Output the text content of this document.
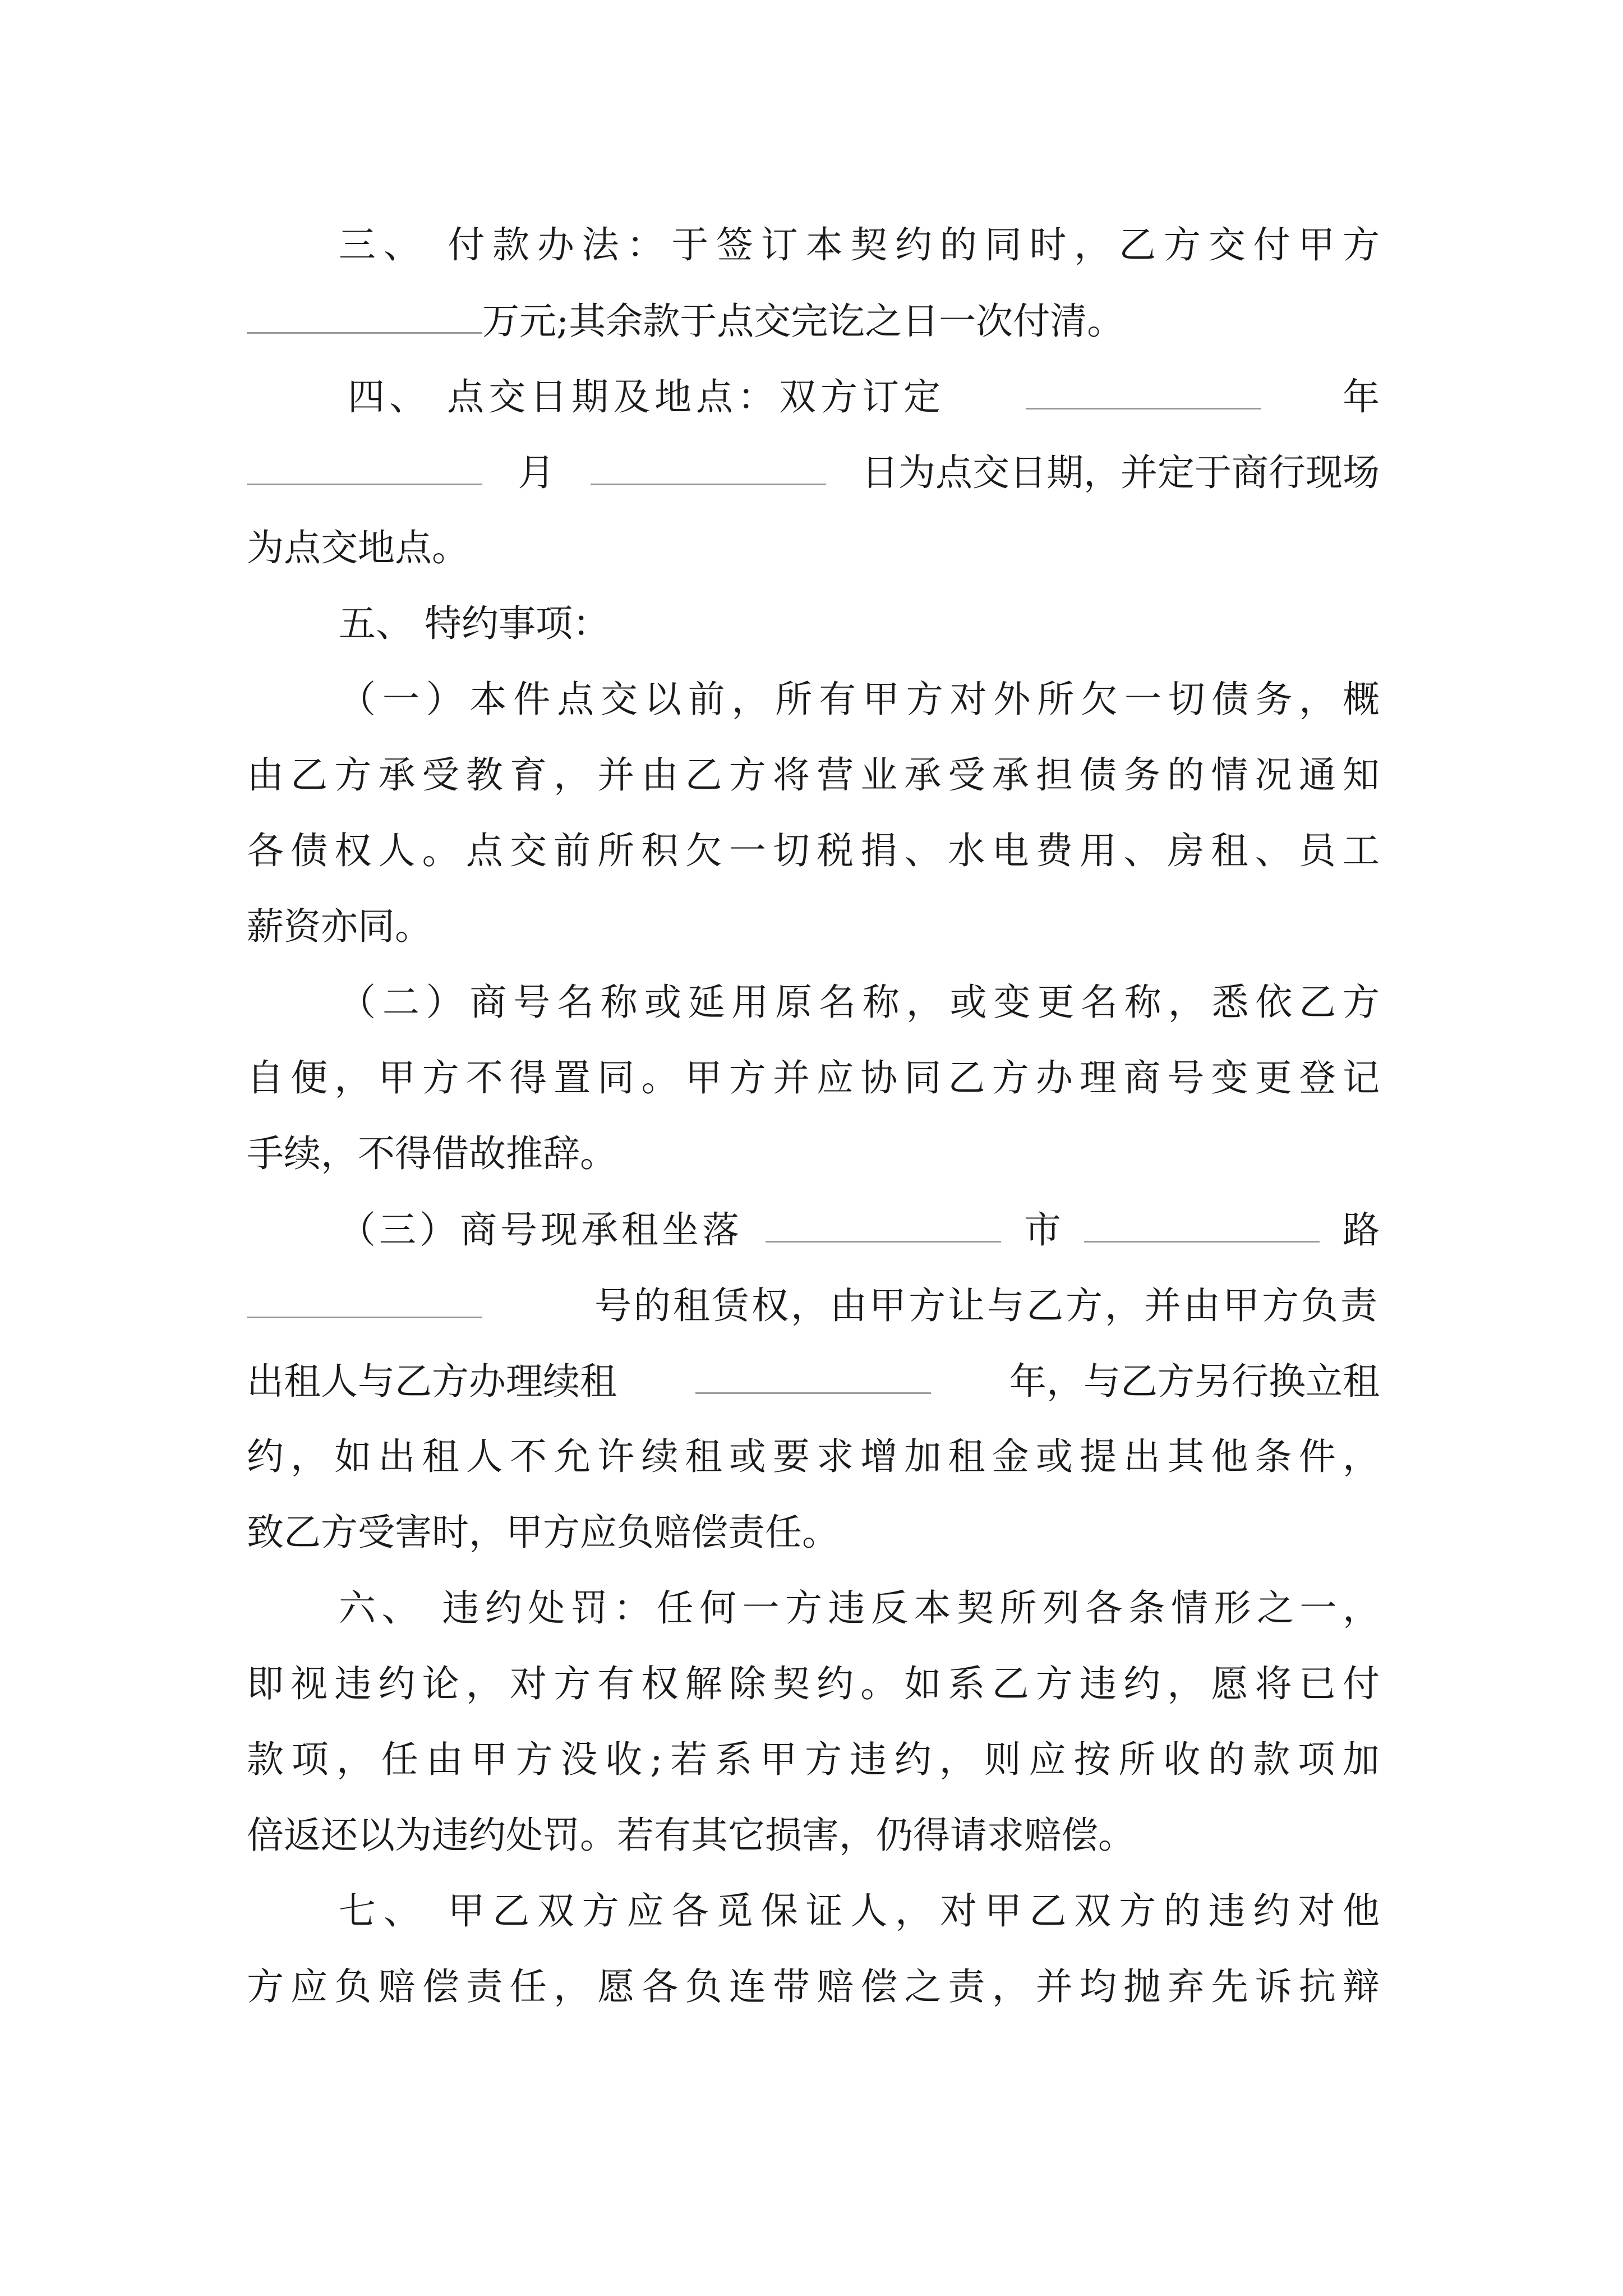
三、 付款办法：于签订本契约的同时，乙方交付甲方
万元;其余款于点交完讫之日一次付清。
四、 点交日期及地点：双方订定	年
月	日为点交日期，并定于商行现场
为点交地点。
五、 特约事项：
（一）本件点交以前，所有甲方对外所欠一切债务，概
由乙方承受教育，并由乙方将营业承受承担债务的情况通知
各债权人。点交前所积欠一切税捐、水电费用、房租、员工
薪资亦同。
（二）商号名称或延用原名称，或变更名称，悉依乙方
自便，甲方不得置同。甲方并应协同乙方办理商号变更登记
手续，不得借故推辞。
（三）商号现承租坐落	市	路
号的租赁权，由甲方让与乙方，并由甲方负责
出租人与乙方办理续租	年，与乙方另行换立租
约，如出租人不允许续租或要求增加租金或提出其他条件，
致乙方受害时，甲方应负赔偿责任。
六、 违约处罚：任何一方违反本契所列各条情形之一，
即视违约论，对方有权解除契约。如系乙方违约，愿将已付
款项，任由甲方没收;若系甲方违约，则应按所收的款项加
倍返还以为违约处罚。若有其它损害，仍得请求赔偿。
七、 甲乙双方应各觅保证人，对甲乙双方的违约对他
方应负赔偿责任，愿各负连带赔偿之责，并均抛弃先诉抗辩
